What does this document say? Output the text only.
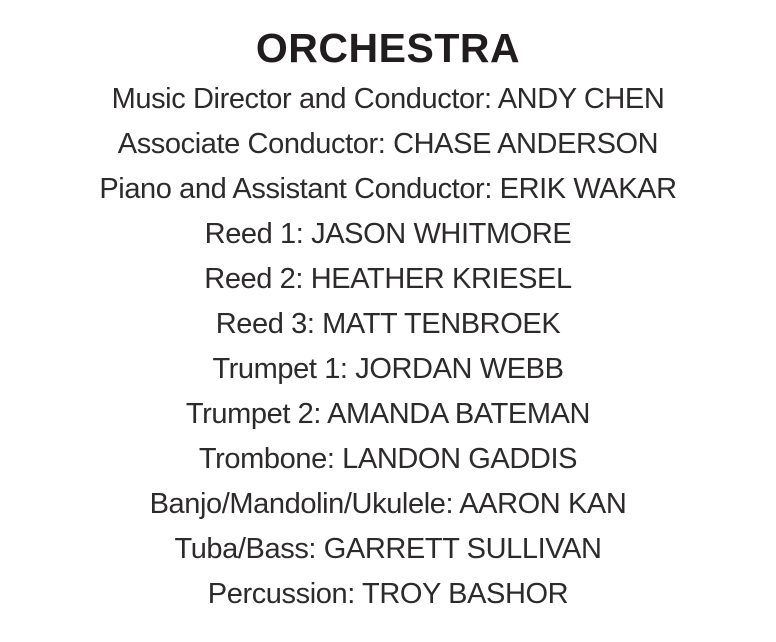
ORCHESTRA
Music Director and Conductor: ANDY CHEN
Associate Conductor: CHASE ANDERSON
Piano and Assistant Conductor: ERIK WAKAR
Reed 1: JASON WHITMORE
Reed 2: HEATHER KRIESEL
Reed 3: MATT TENBROEK
Trumpet 1: JORDAN WEBB
Trumpet 2: AMANDA BATEMAN
Trombone: LANDON GADDIS
Banjo/Mandolin/Ukulele: AARON KAN
Tuba/Bass: GARRETT SULLIVAN
Percussion: TROY BASHOR
